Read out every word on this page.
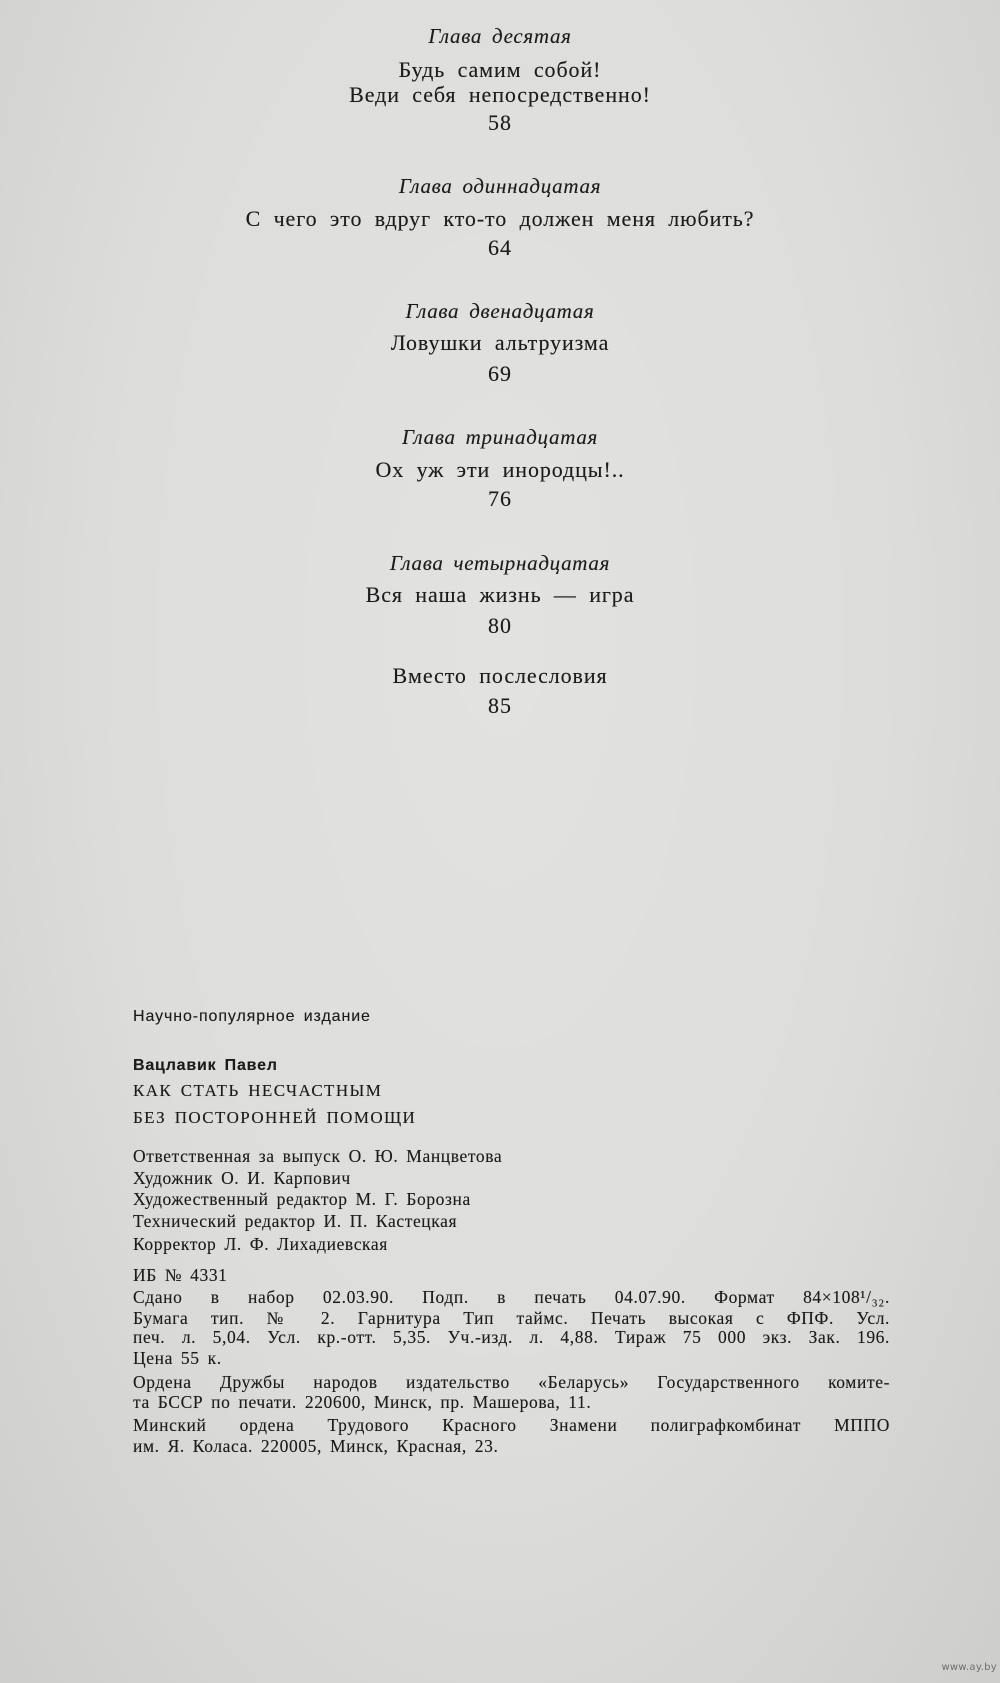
Глава десятая
Будь самим собой!
Веди себя непосредственно!
58
Глава одиннадцатая
С чего это вдруг кто-то должен меня любить?
64
Глава двенадцатая
Ловушки альтруизма
69
Глава тринадцатая
Ох уж эти инородцы!..
76
Глава четырнадцатая
Вся наша жизнь — игра
80
Вместо послесловия
85
Научно-популярное издание
Вацлавик Павел
КАК СТАТЬ НЕСЧАСТНЫМ
БЕЗ ПОСТОРОННЕЙ ПОМОЩИ
Ответственная за выпуск О. Ю. Манцветова
Художник О. И. Карпович
Художественный редактор М. Г. Борозна
Технический редактор И. П. Кастецкая
Корректор Л. Ф. Лихадиевская
ИБ № 4331
Сдано в набор 02.03.90. Подп. в печать 04.07.90. Формат 84×108¹/₃₂.
Бумага тип. № 2. Гарнитура Тип таймс. Печать высокая с ФПФ. Усл.
печ. л. 5,04. Усл. кр.-отт. 5,35. Уч.-изд. л. 4,88. Тираж 75 000 экз. Зак. 196.
Цена 55 к.
Ордена Дружбы народов издательство «Беларусь» Государственного комите-
та БССР по печати. 220600, Минск, пр. Машерова, 11.
Минский ордена Трудового Красного Знамени полиграфкомбинат МППО
им. Я. Коласа. 220005, Минск, Красная, 23.
www.ay.by
